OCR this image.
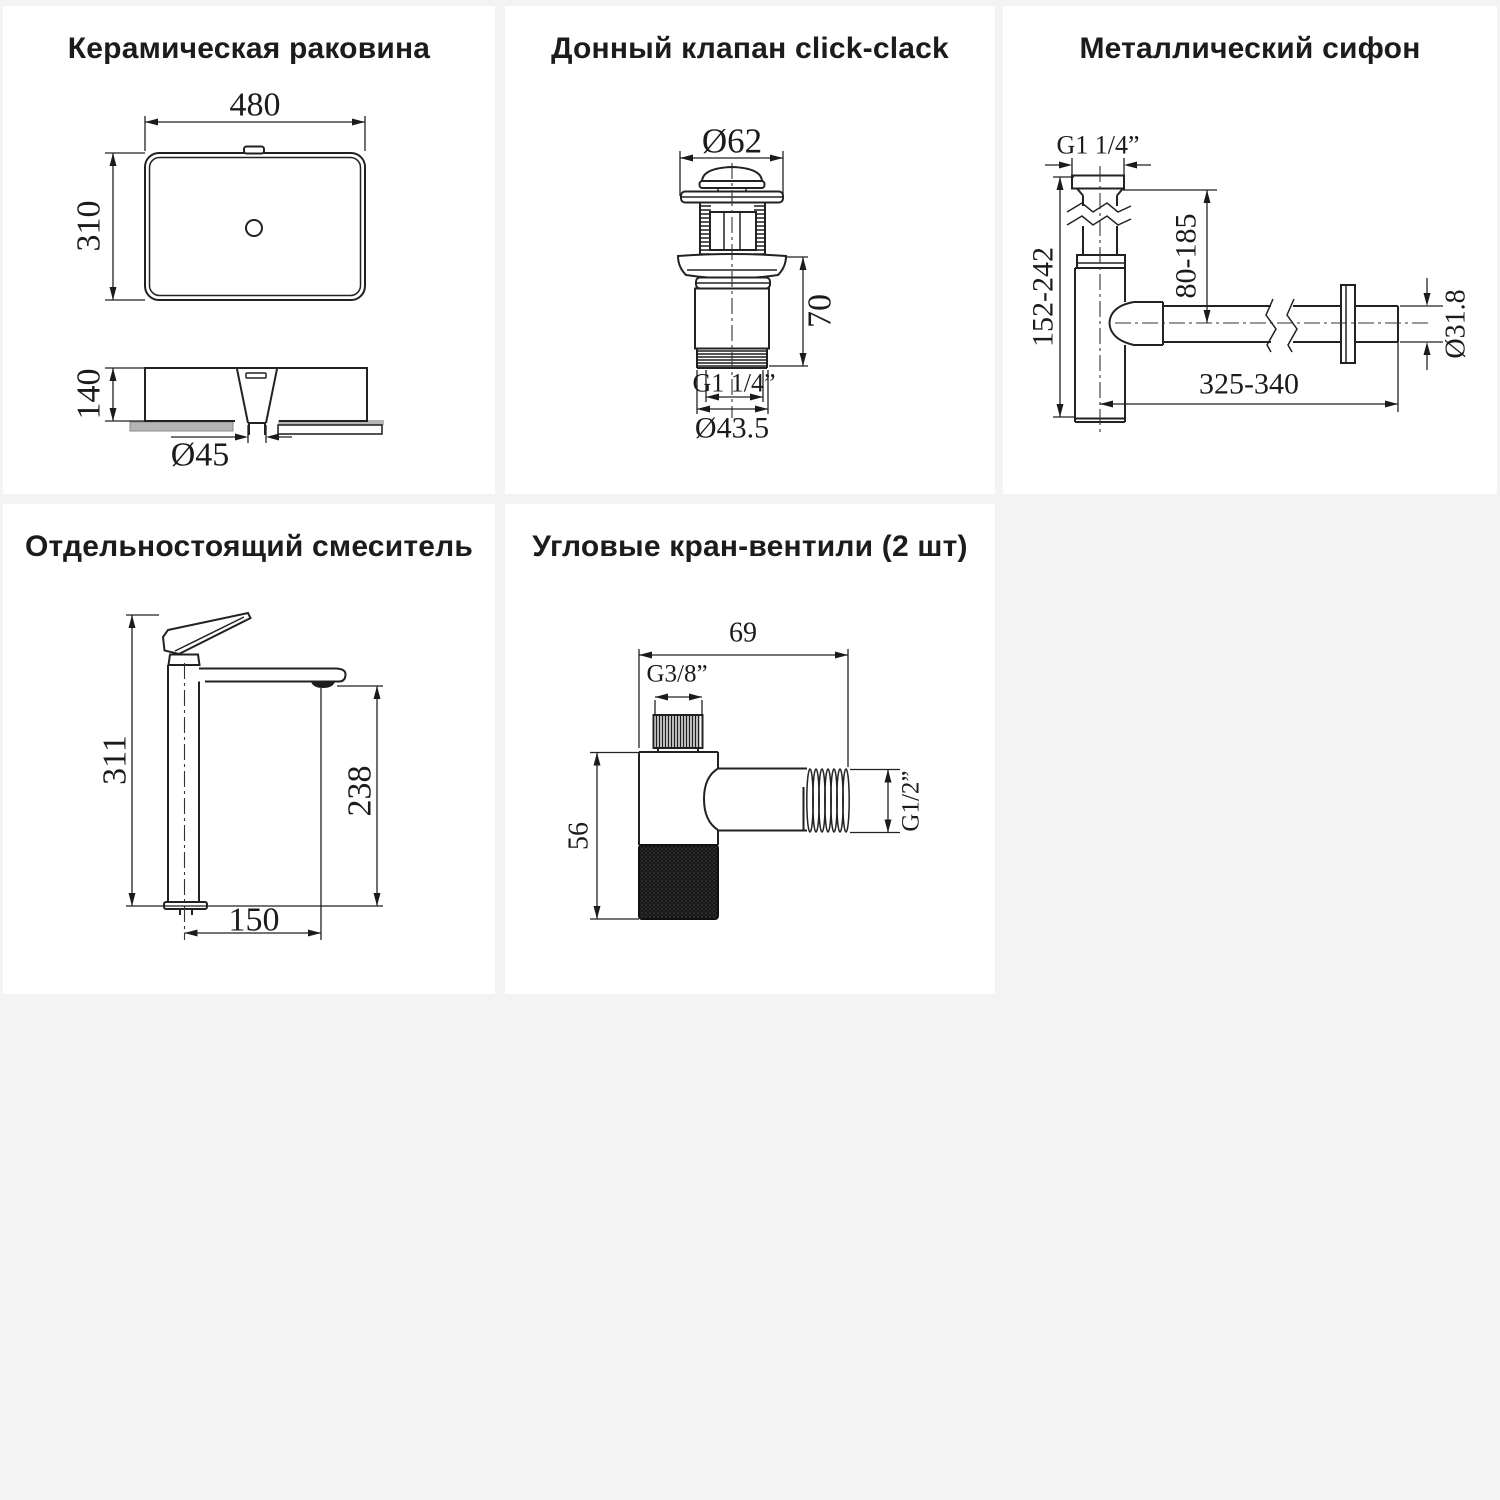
Керамическая раковина
480
310
140
Ø45
Донный клапан click-clack
Ø62
70
G1 1/4”
Ø43.5
Металлический сифон
G1 1/4”
80-185
152-242	Ø31.8
325-340
Отдельностоящий смеситель
311
238
150
Угловые кран-вентили (2 шт)
69
G3/8”
56
G1/2”
